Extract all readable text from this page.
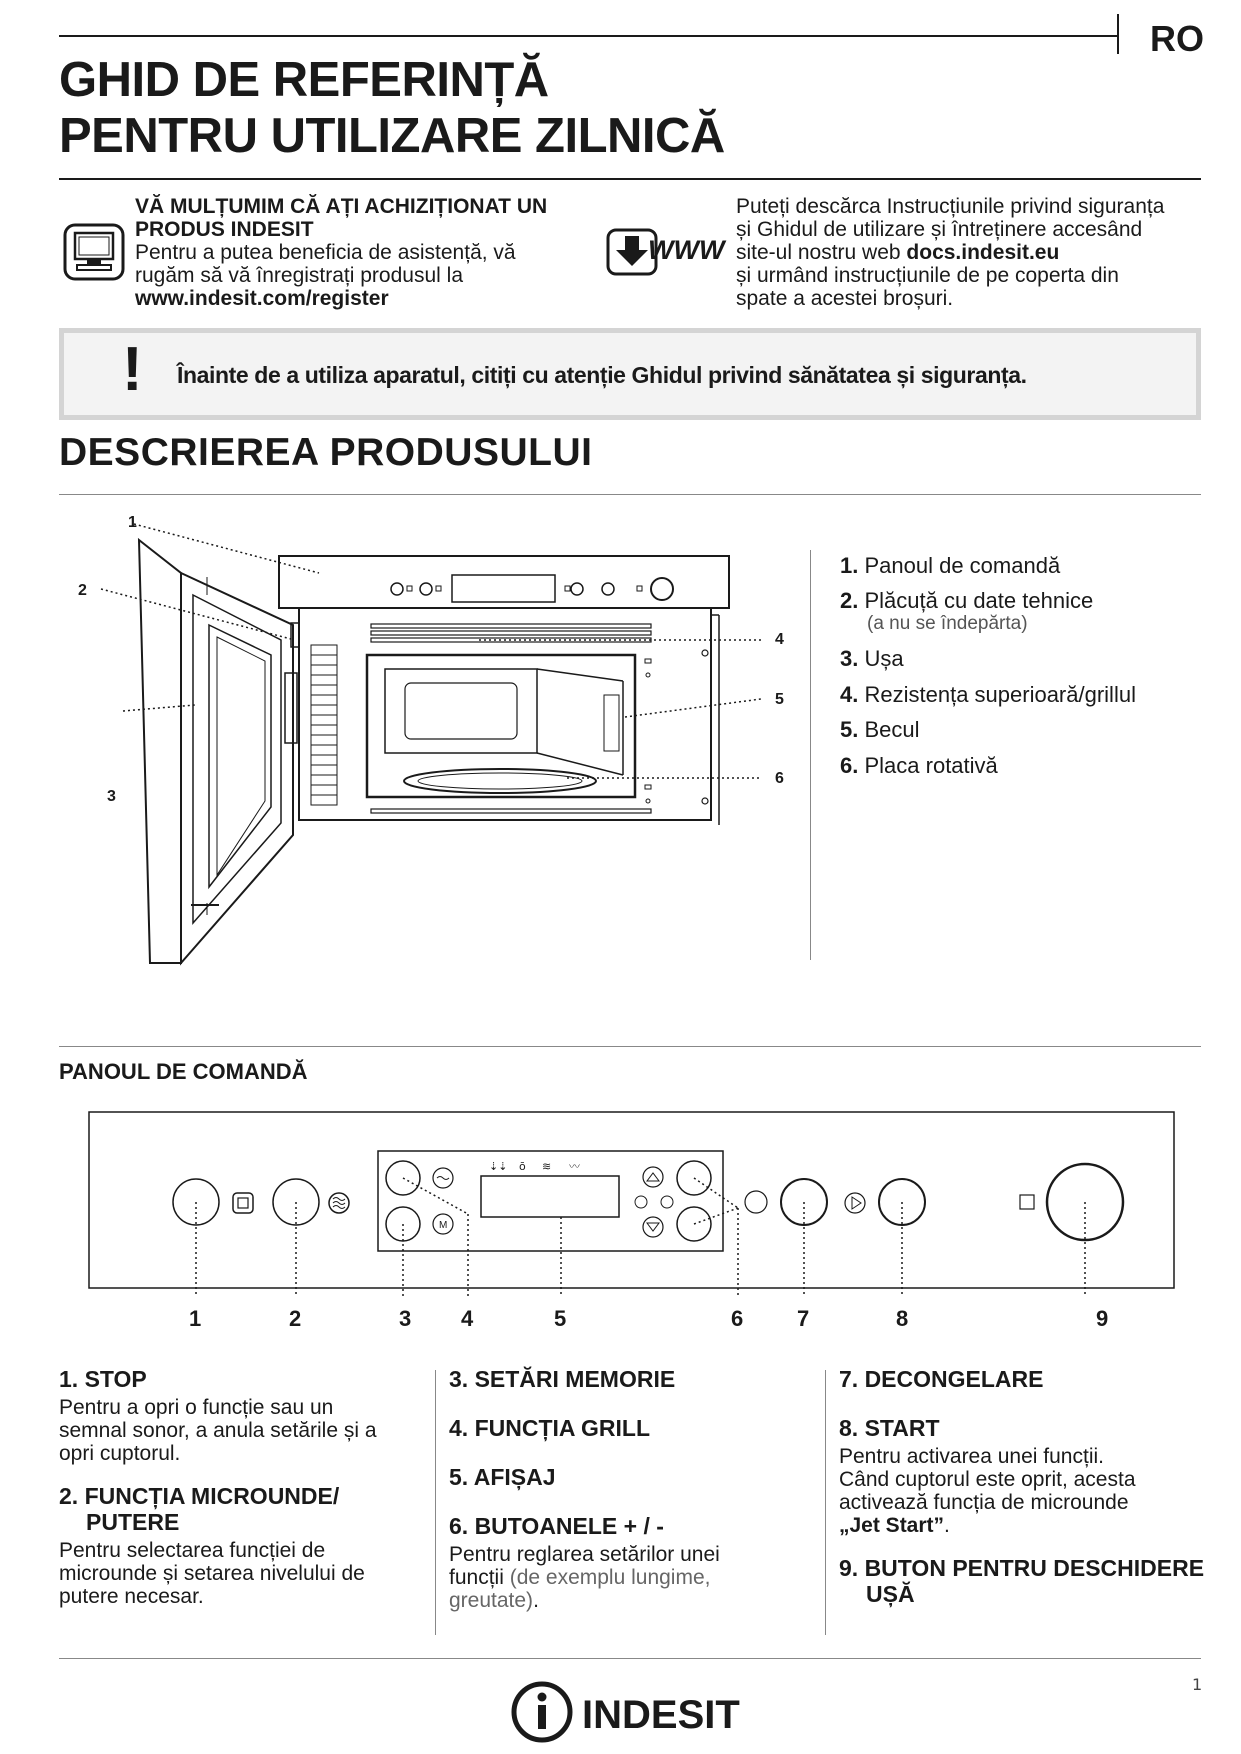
RO
GHID DE REFERINȚĂ
PENTRU UTILIZARE ZILNICĂ
VĂ MULȚUMIM CĂ AȚI ACHIZIȚIONAT UN
PRODUS INDESIT
Pentru a putea beneficia de asistență, vă
rugăm să vă înregistrați produsul la
www.indesit.com/register
WWW
Puteți descărca Instrucțiunile privind siguranța
și Ghidul de utilizare și întreținere accesând
site-ul nostru web docs.indesit.eu
și urmând instrucțiunile de pe coperta din
spate a acestei broșuri.
! Înainte de a utiliza aparatul, citiți cu atenție Ghidul privind sănătatea și siguranța.
DESCRIEREA PRODUSULUI
1
2
3
4
5
6
1. Panoul de comandă
2. Plăcuță cu date tehnice
(a nu se îndepărta)
3. Ușa
4. Rezistența superioară/grillul
5. Becul
6. Placa rotativă
PANOUL DE COMANDĂ
M
⇣⇣ ō ≋ 〰
1	2	3 4	5	6 7	8	9

1. STOP

Pentru a opri o funcție sau un
semnal sonor, a anula setările și a
opri cuptorul.

2. FUNCȚIA MICROUNDE/
PUTERE

Pentru selectarea funcției de
microunde și setarea nivelului de
putere necesar.

3. SETĂRI MEMORIE

4. FUNCȚIA GRILL

5. AFIȘAJ

6. BUTOANELE + / -

Pentru reglarea setărilor unei
funcții (de exemplu lungime,
greutate).

7. DECONGELARE

8. START

Pentru activarea unei funcții.
Când cuptorul este oprit, acesta
activează funcția de microunde
„Jet Start”.

9. BUTON PENTRU DESCHIDERE
UȘĂ

1
INDESIT
